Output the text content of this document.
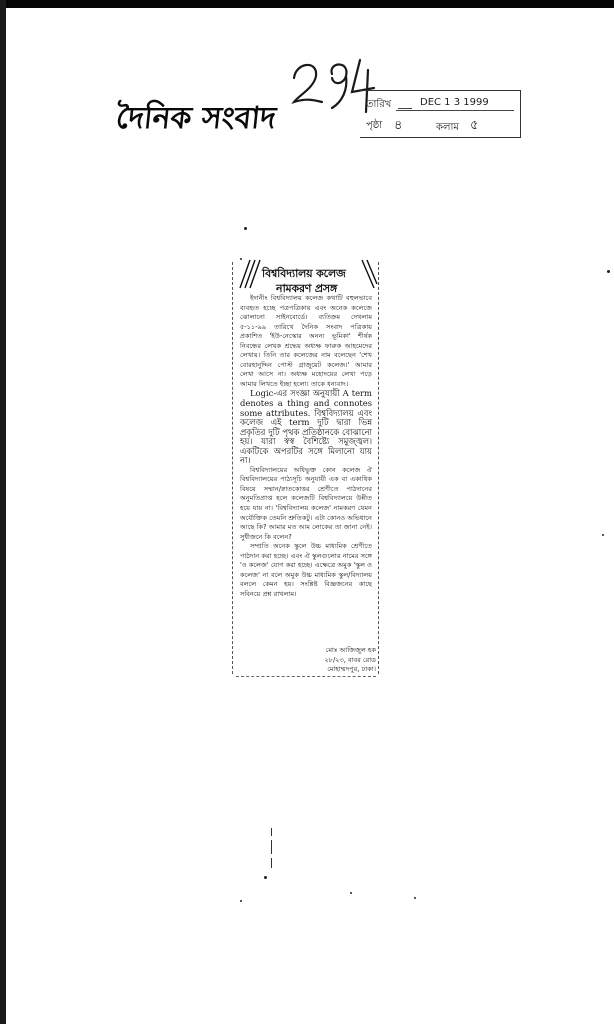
দৈনিক সংবাদ	তারিখ	DEC 1 3 1999
পৃষ্ঠা ৪	কলাম ৫
বিশ্ববিদ্যালয় কলেজ
নামকরণ প্রসঙ্গ

ইদানীং বিশ্ববিদ্যালয় কলেজ কথাটি বহুলভাবে ব্যবহৃত হচ্ছে পত্রপত্রিকায় এবং অনেক কলেজে ঝোলানো সাইনবোর্ডে। ব্যতিক্রম দেখলাম ৫-১১-৯৯ তারিখে দৈনিক সংবাদ পত্রিকায় প্রকাশিত 'ইউ-নেস্কোর অনন্য ভূমিকা' শীর্ষক নিবন্ধের লেখক শ্রদ্ধেয় অধ্যক্ষ ফারুক আহমেদের লেখায়। তিনি তার কলেজের নাম বলেছেন 'শেখ বোরহানুদ্দিন পোস্ট গ্রাজুয়েট কলেজ।' আমার লেখা আসে না। অধ্যক্ষ মহোদয়ের লেখা পড়ে আমার লিখতে ইচ্ছা হলো। তাকে ধন্যবাদ।

Logic-এর সংজ্ঞা অনুযায়ী A term denotes a thing and connotes some attributes. বিশ্ববিদ্যালয় এবং কলেজ এই term দুটি দ্বারা ভিন্ন প্রকৃতির দুটি পৃথক প্রতিষ্ঠানকে বোঝানো হয়। যারা স্বস্ব বৈশিষ্ট্যে সমুজ্জ্বল। একটিকে অপরটির সঙ্গে মিলানো যায় না।

বিশ্ববিদ্যালয়ের অধিভুক্ত কোন কলেজ ঐ বিশ্ববিদ্যালয়ের পাঠ্যসূচি অনুযায়ী এক বা একাধিক বিষয়ে সম্মান/স্নাতকোত্তর শ্রেণীতে পাঠদানের অনুমতিপ্রাপ্ত হলে কলেজটি বিশ্ববিদ্যালয়ে উন্নীত হয়ে যায় না। 'বিশ্ববিদ্যালয় কলেজ' নামকরণ যেমন অযৌক্তিক তেমনি শ্রুতিকটু। এটা কোনও অভিধানে আছে কি? আমার মত আম লোকের তা জানা নেই। সুধীজনে কি বলেন?

সম্প্রতি অনেক স্কুলে উচ্চ মাধ্যমিক শ্রেণীতে পাঠদান করা হচ্ছে। এবং ঐ স্কুলগুলোর নামের সঙ্গে 'ও কলেজ' যোগ করা হচ্ছে। এক্ষেত্রে অমুক 'স্কুল ও কলেজ' না বলে অমুক উচ্চ মাধ্যমিক স্কুল/বিদ্যালয় বললে কেমন হয়। সংশ্লিষ্ট বিজ্ঞজনের কাছে সবিনয়ে প্রশ্ন রাখলাম।

মোঃ আজিজুল হক
২৮/২৩, বাবর রোড
মোহাম্মদপুর, ঢাকা।
